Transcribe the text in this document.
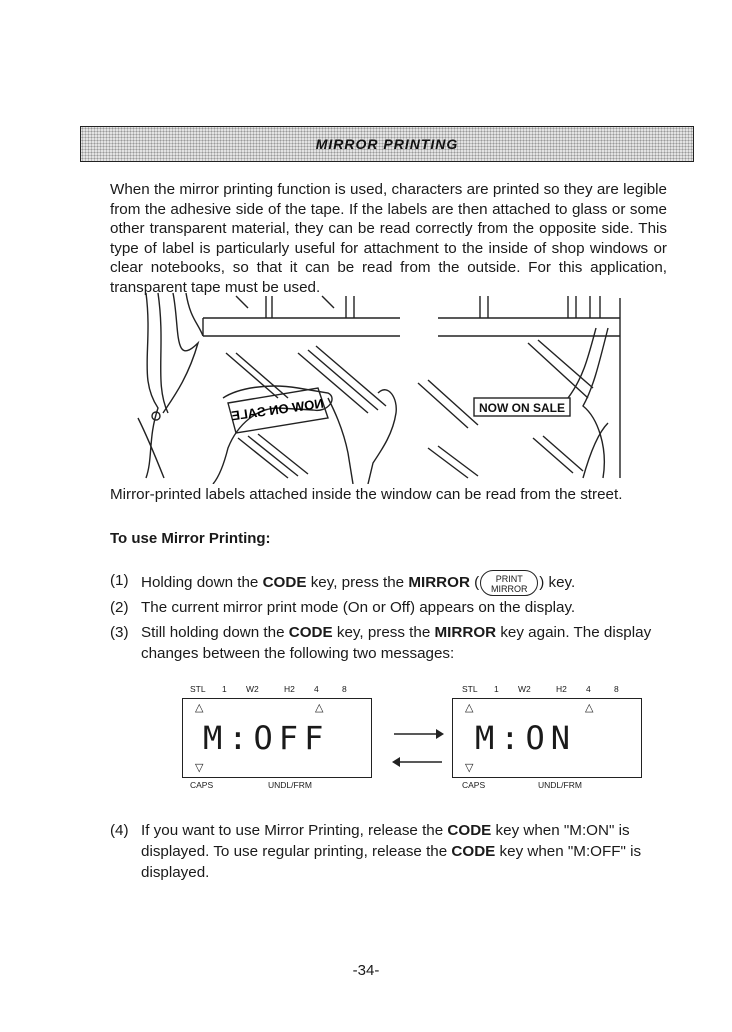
MIRROR PRINTING
When the mirror printing function is used, characters are printed so they are legible from the adhesive side of the tape. If the labels are then attached to glass or some other transparent material, they can be read correctly from the opposite side. This type of label is particularly useful for attachment to the inside of shop windows or clear notebooks, so that it can be read from the outside. For this application, transparent tape must be used.
NOW ON SALE	NOW ON SALE
Mirror-printed labels attached inside the window can be read from the street.
To use Mirror Printing:
(1) Holding down the CODE key, press the MIRROR ( PRINT
MIRROR ) key.
(2) The current mirror print mode (On or Off) appears on the display.
(3) Still holding down the CODE key, press the MIRROR key again. The display
changes between the following two messages:
STL 1 W2	H2 4	8
△	△
M:OFF
▽
CAPS	UNDL/FRM
STL 1 W2	H2 4	8
△	△
M:ON
▽
CAPS	UNDL/FRM
(4) If you want to use Mirror Printing, release the CODE key when "M:ON" is
displayed. To use regular printing, release the CODE key when "M:OFF" is
displayed.
-34-
